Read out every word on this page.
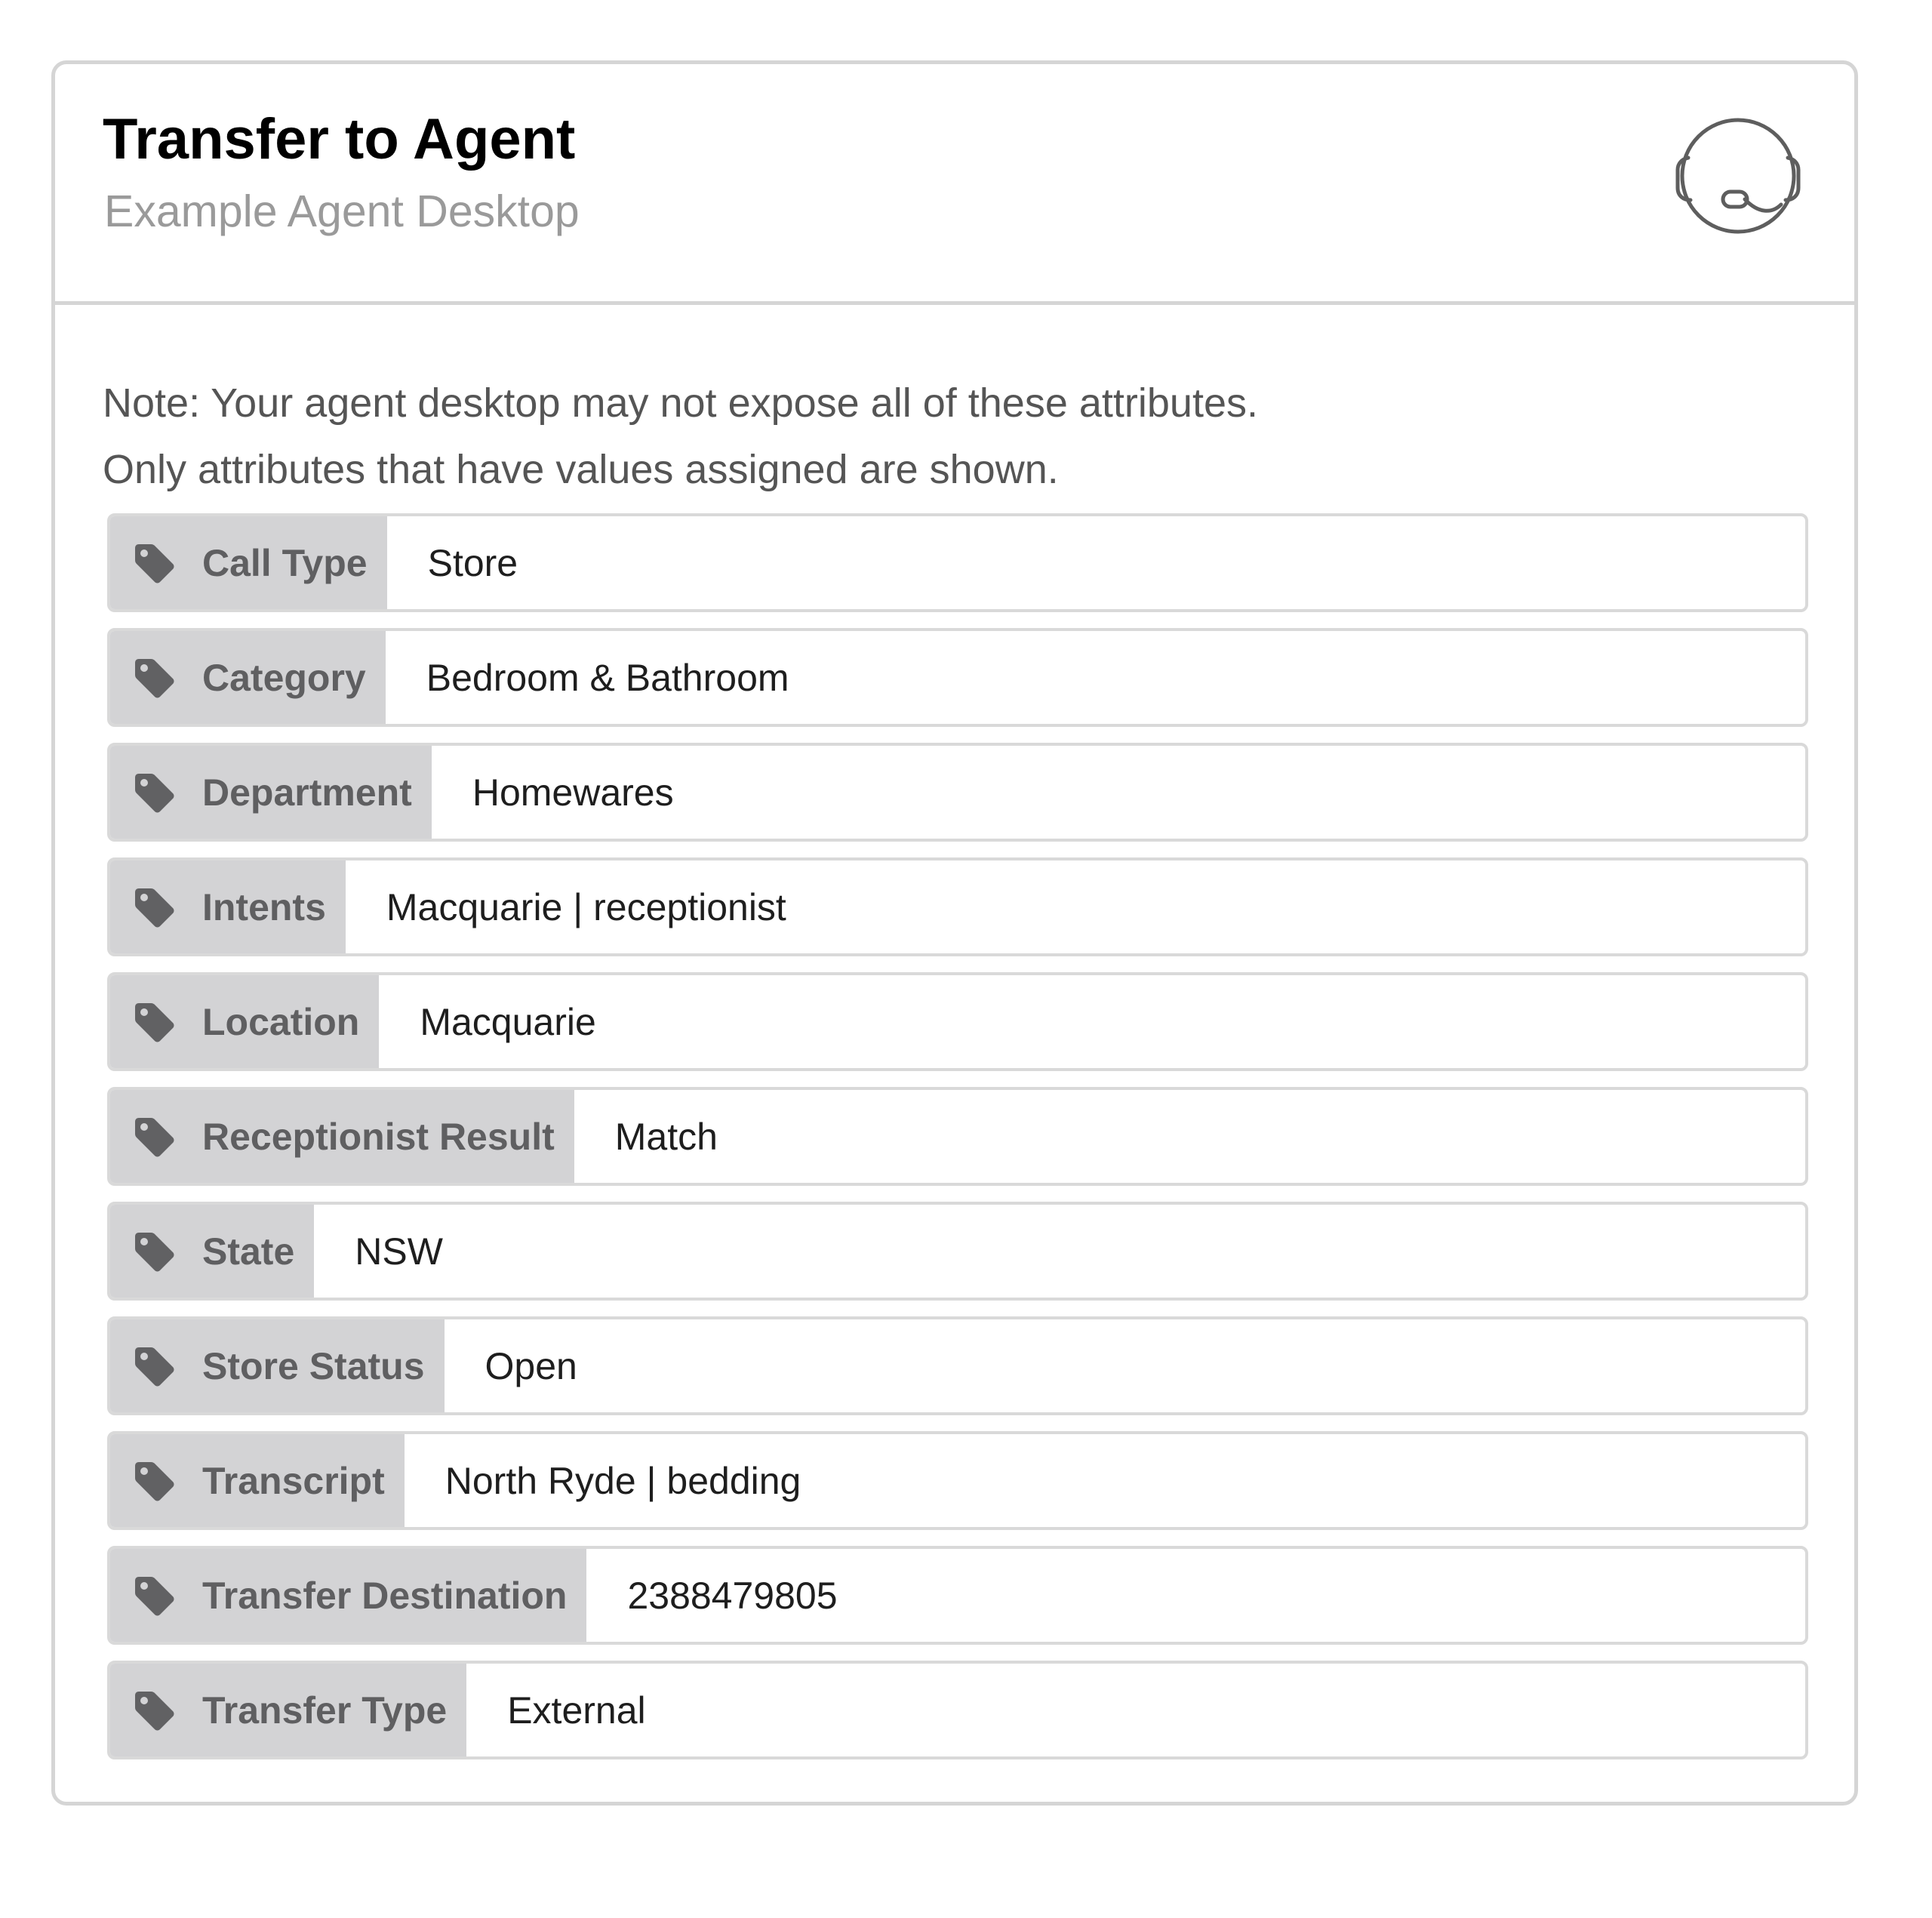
Transfer to Agent
Example Agent Desktop
Note: Your agent desktop may not expose all of these attributes.
Only attributes that have values assigned are shown.
Call Type	Store
Category	Bedroom & Bathroom
Department	Homewares
Intents	Macquarie | receptionist
Location	Macquarie
Receptionist Result	Match
State	NSW
Store Status	Open
Transcript	North Ryde | bedding
Transfer Destination	2388479805
Transfer Type	External
